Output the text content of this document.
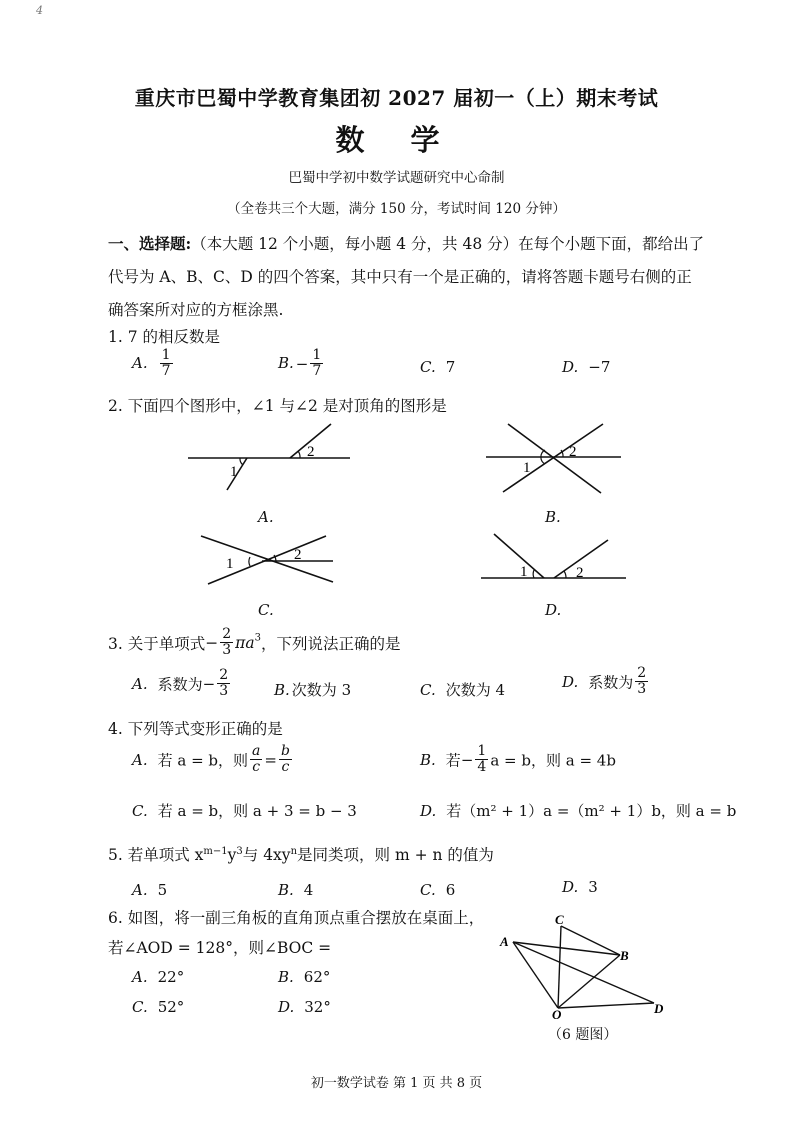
4
重庆市巴蜀中学教育集团初 2027 届初一（上）期末考试
数 学
巴蜀中学初中数学试题研究中心命制
（全卷共三个大题，满分 150 分，考试时间 120 分钟）
一、选择题:（本大题 12 个小题，每小题 4 分，共 48 分）在每个小题下面，都给出了
代号为 A、B、C、D 的四个答案，其中只有一个是正确的，请将答题卡题号右侧的正
确答案所对应的方框涂黑.
1. 7 的相反数是
A. $\frac{1}{7}$	B. − $\frac{1}{7}$	C. 7	D. −7
2. 下面四个图形中，∠1 与∠2 是对顶角的图形是
1
2
A.
1
2
B.
1
2
C.
1	2
D.
3. 关于单项式− $\frac{2}{3} \pi a^3$，下列说法正确的是
A. 系数为− $\frac{2}{3}$	B. 次数为 3	C. 次数为 4	D. 系数为 $\frac{2}{3}$
4. 下列等式变形正确的是
A. 若 a = b，则 $\frac{a}{c} = \frac{b}{c}$	B. 若− $\frac{1}{4}$ a = b，则 a = 4b
C. 若 a = b，则 a + 3 = b − 3	D. 若（m² + 1）a =（m² + 1）b，则 a = b
5. 若单项式 $x^{m-1}y^3$与 $4xy^n$是同类项，则 m + n 的值为
A. 5	B. 4	C. 6	D. 3
6. 如图，将一副三角板的直角顶点重合摆放在桌面上，
若∠AOD = 128°，则∠BOC =
A. 22°	B. 62°
C. 52°	D. 32°
C
A
B
D
O
（6 题图）
初一数学试卷 第 1 页 共 8 页
